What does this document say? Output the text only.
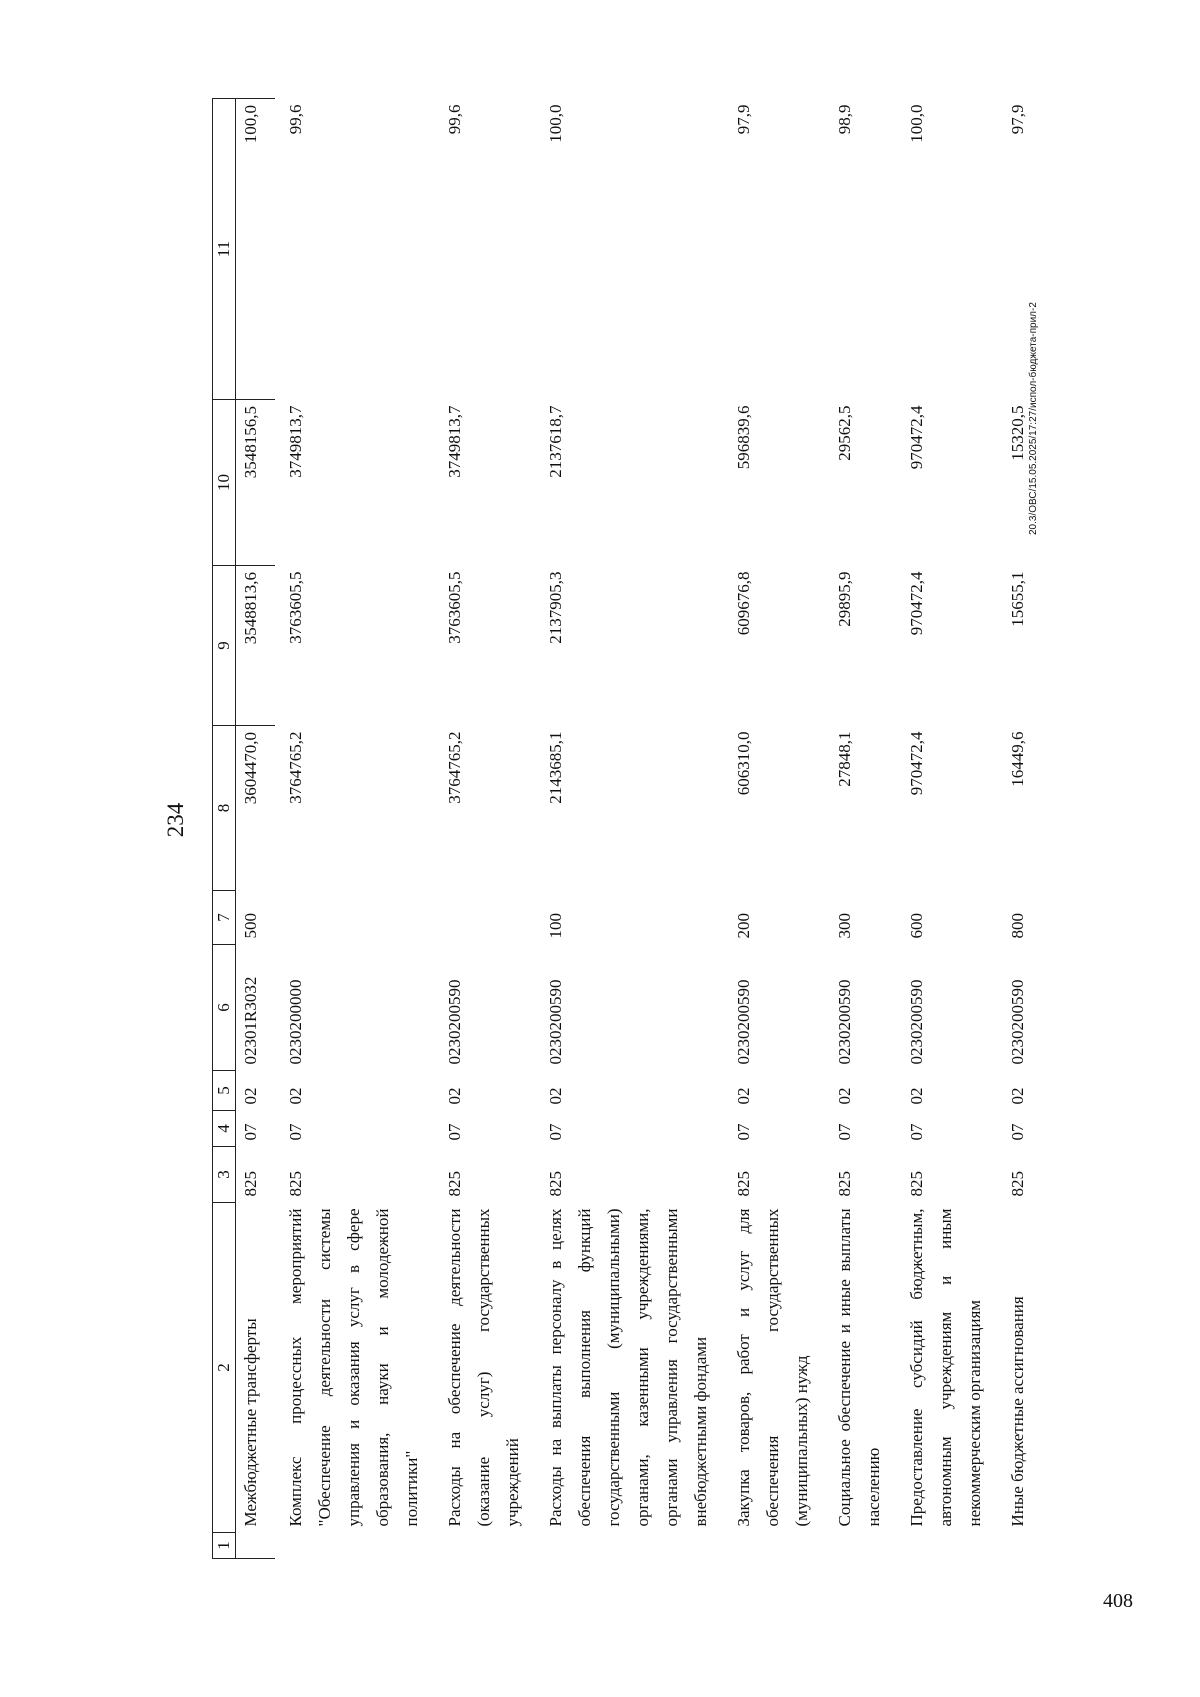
234
1	2	3	4	5	6	7	8	9	10	11
	Межбюджетные трансферты	825	07	02	02301R3032	500	3604470,0	3548813,6	3548156,5	100,0
	Комплекс процессных мероприятий "Обеспечение деятельности системы управления и оказания услуг в сфере образования, науки и молодежной политики"	825	07	02	0230200000		3764765,2	3763605,5	3749813,7	99,6
	Расходы на обеспечение деятельности (оказание услуг) государственных учреждений	825	07	02	0230200590		3764765,2	3763605,5	3749813,7	99,6
	Расходы на выплаты персоналу в целях обеспечения выполнения функций государственными (муниципальными) органами, казенными учреждениями, органами управления государственными внебюджетными фондами	825	07	02	0230200590	100	2143685,1	2137905,3	2137618,7	100,0
	Закупка товаров, работ и услуг для обеспечения государственных (муниципальных) нужд	825	07	02	0230200590	200	606310,0	609676,8	596839,6	97,9
	Социальное обеспечение и иные выплаты населению	825	07	02	0230200590	300	27848,1	29895,9	29562,5	98,9
	Предоставление субсидий бюджетным, автономным учреждениям и иным некоммерческим организациям	825	07	02	0230200590	600	970472,4	970472,4	970472,4	100,0
	Иные бюджетные ассигнования	825	07	02	0230200590	800	16449,6	15655,1	15320,5	97,9
20.3/ОВС/15.05.2025/17:27/испол-бюджета-прил-2
408
